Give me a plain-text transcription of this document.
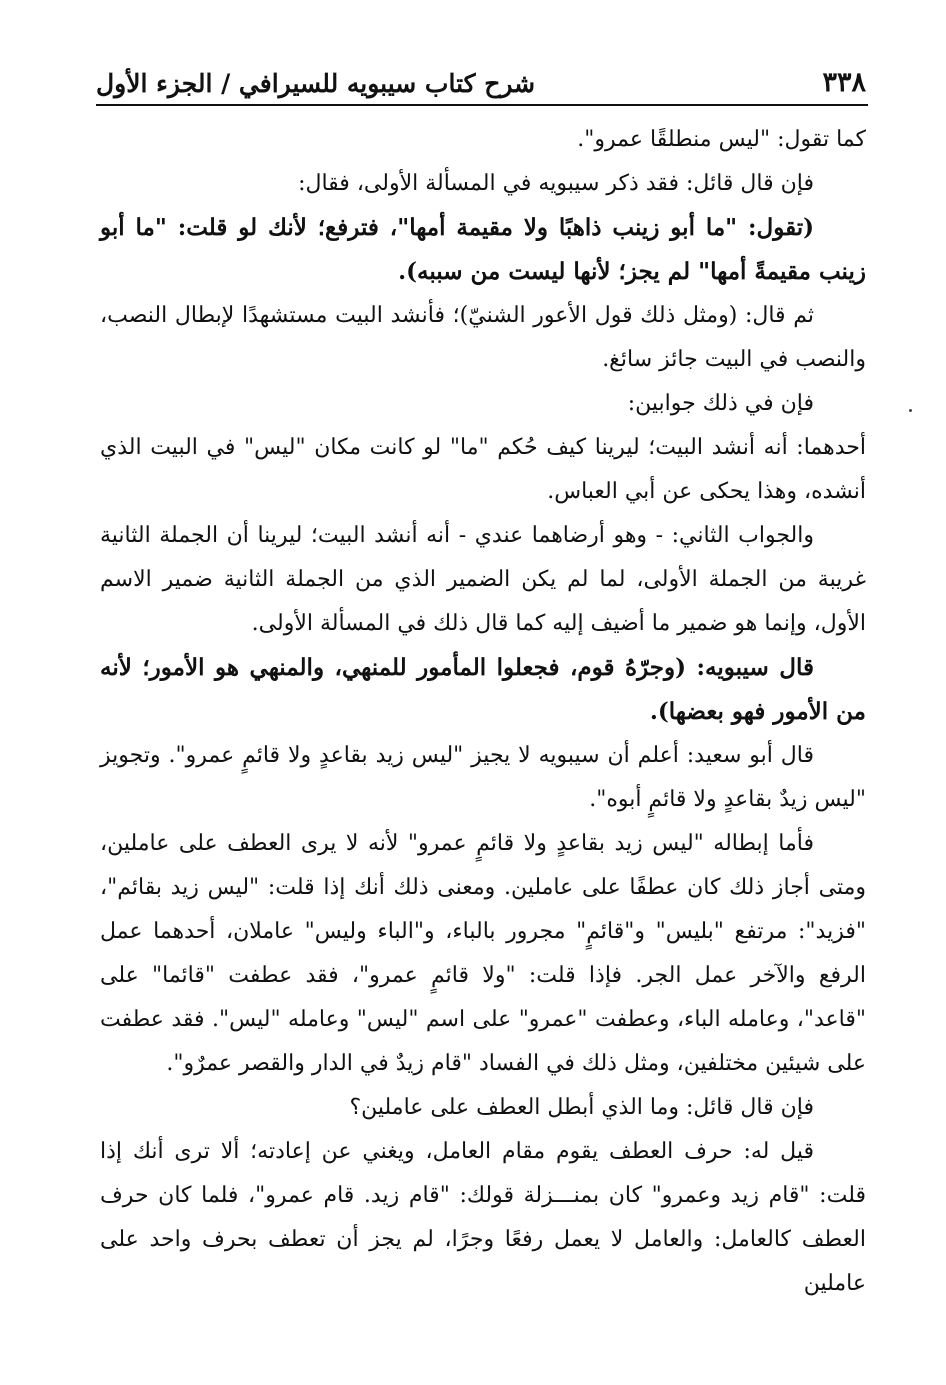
٣٣٨
شرح كتاب سيبويه للسيرافي / الجزء الأول

كما تقول: "ليس منطلقًا عمرو".

فإن قال قائل: فقد ذكر سيبويه في المسألة الأولى، فقال:

(تقول: "ما أبو زينب ذاهبًا ولا مقيمة أمها"، فترفع؛ لأنك لو قلت: "ما أبو زينب مقيمةً أمها" لم يجز؛ لأنها ليست من سببه).

ثم قال: (ومثل ذلك قول الأعور الشنيّ)؛ فأنشد البيت مستشهدًا لإبطال النصب، والنصب في البيت جائز سائغ.

فإن في ذلك جوابين:

أحدهما: أنه أنشد البيت؛ ليرينا كيف حُكم "ما" لو كانت مكان "ليس" في البيت الذي أنشده، وهذا يحكى عن أبي العباس.

والجواب الثاني: - وهو أرضاهما عندي - أنه أنشد البيت؛ ليرينا أن الجملة الثانية غريبة من الجملة الأولى، لما لم يكن الضمير الذي من الجملة الثانية ضمير الاسم الأول، وإنما هو ضمير ما أضيف إليه كما قال ذلك في المسألة الأولى.

قال سيبويه: (وجرّهُ قوم، فجعلوا المأمور للمنهي، والمنهي هو الأمور؛ لأنه من الأمور فهو بعضها).

قال أبو سعيد: أعلم أن سيبويه لا يجيز "ليس زيد بقاعدٍ ولا قائمٍ عمرو". وتجويز "ليس زيدٌ بقاعدٍ ولا قائمٍ أبوه".

فأما إبطاله "ليس زيد بقاعدٍ ولا قائمٍ عمرو" لأنه لا يرى العطف على عاملين، ومتى أجاز ذلك كان عطفًا على عاملين. ومعنى ذلك أنك إذا قلت: "ليس زيد بقائم"، "فزيد": مرتفع "بليس" و"قائمٍ" مجرور بالباء، و"الباء وليس" عاملان، أحدهما عمل الرفع والآخر عمل الجر. فإذا قلت: "ولا قائمٍ عمرو"، فقد عطفت "قائما" على "قاعد"، وعامله الباء، وعطفت "عمرو" على اسم "ليس" وعامله "ليس". فقد عطفت على شيئين مختلفين، ومثل ذلك في الفساد "قام زيدٌ في الدار والقصر عمرٌو".

فإن قال قائل: وما الذي أبطل العطف على عاملين؟

قيل له: حرف العطف يقوم مقام العامل، ويغني عن إعادته؛ ألا ترى أنك إذا قلت: "قام زيد وعمرو" كان بمنـــزلة قولك: "قام زيد. قام عمرو"، فلما كان حرف العطف كالعامل: والعامل لا يعمل رفعًا وجرًا، لم يجز أن تعطف بحرف واحد على عاملين
